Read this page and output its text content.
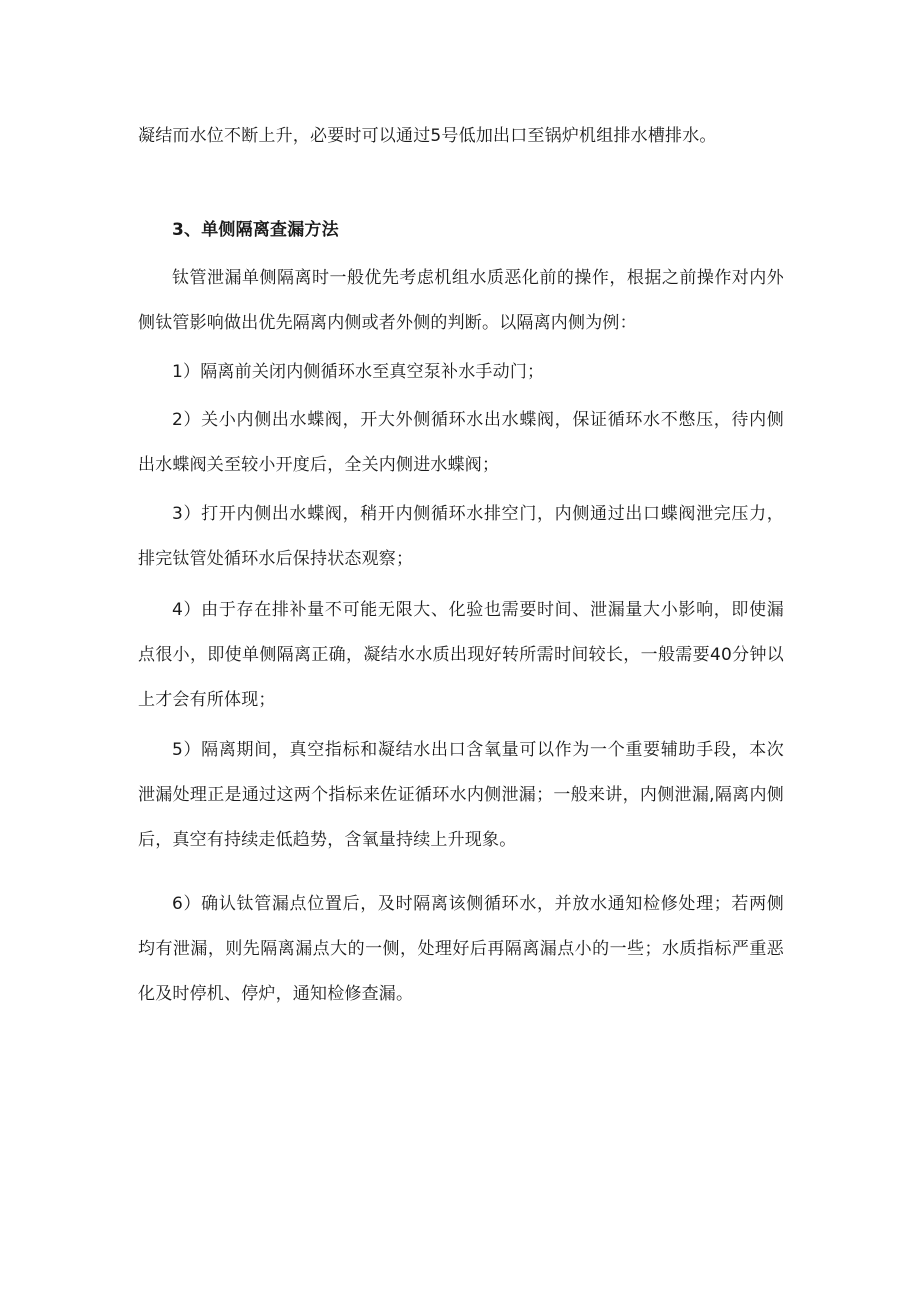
凝结而水位不断上升，必要时可以通过5号低加出口至锅炉机组排水槽排水。

3、单侧隔离查漏方法

钛管泄漏单侧隔离时一般优先考虑机组水质恶化前的操作，根据之前操作对内外侧钛管影响做出优先隔离内侧或者外侧的判断。以隔离内侧为例：

1）隔离前关闭内侧循环水至真空泵补水手动门；

2）关小内侧出水蝶阀，开大外侧循环水出水蝶阀，保证循环水不憋压，待内侧出水蝶阀关至较小开度后，全关内侧进水蝶阀；

3）打开内侧出水蝶阀，稍开内侧循环水排空门，内侧通过出口蝶阀泄完压力，排完钛管处循环水后保持状态观察；

4）由于存在排补量不可能无限大、化验也需要时间、泄漏量大小影响，即使漏点很小，即使单侧隔离正确，凝结水水质出现好转所需时间较长，一般需要40分钟以上才会有所体现；

5）隔离期间，真空指标和凝结水出口含氧量可以作为一个重要辅助手段，本次泄漏处理正是通过这两个指标来佐证循环水内侧泄漏；一般来讲，内侧泄漏,隔离内侧后，真空有持续走低趋势，含氧量持续上升现象。

6）确认钛管漏点位置后，及时隔离该侧循环水，并放水通知检修处理；若两侧均有泄漏，则先隔离漏点大的一侧，处理好后再隔离漏点小的一些；水质指标严重恶化及时停机、停炉，通知检修查漏。
